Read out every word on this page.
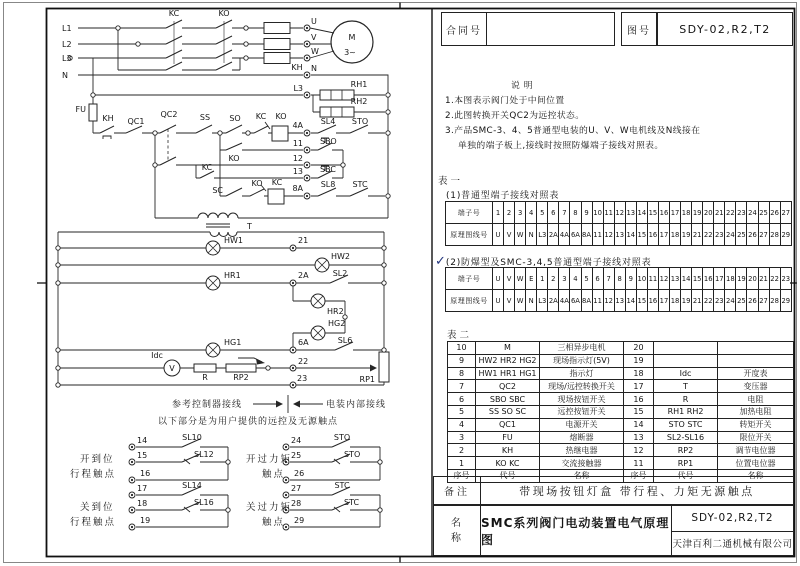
L1
L2
L3
N
KC	KO
KH
U
V
W
N
M
3~
L3	RH1
RH2
FU
KH QC1
QC2	SS SO KC KO
4A SL4 STO
KO
11 SBO
12
KC	13 SBC
SC
KO KC
8A SL8 STC
T
HW1	21
HW2
HR1	2A	SL2
HR2
HG2
HG1	6A	SL6
Idc
V
R	RP2
22
RP1
23
参考控制器接线	电装内部接线
以下部分是为用户提供的远控及无源触点
开到位
行程触点
14	SL10
15	SL12
16
关到位
行程触点
17	SL14
18	SL16
19
开过力矩
触点
24	STO
25	STO
26
关过力矩
触点
27	STC
28	STC
29
合同号	图号	SDY-02,R2,T2
说明
1.本图表示阀门处于中间位置
2.此图转换开关QC2为远控状态。
3.产品SMC-3、4、5普通型电装的U、V、W电机线及N线接在
单独的端子板上,接线时按照防爆端子接线对照表。
表一
(1)普通型端子接线对照表
端子号	1	2	3	4	5	6	7	8	9	10	11	12	13	14	15	16	17	18	19	20	21	22	23	24	25	26	27
原理图线号	U	V	W	N	L3	2A	4A	6A	8A	11	12	13	14	15	16	17	18	19	21	22	23	24	25	26	27	28	29
✓(2)防爆型及SMC-3,4,5普通型端子接线对照表
端子号	U	V	W	E	1	2	3	4	5	6	7	8	9	10	11	12	13	14	15	16	17	18	19	20	21	22	23
原理图线号	U	V	W	N	L3	2A	4A	6A	8A	11	12	13	14	15	16	17	18	19	21	22	23	24	25	26	27	28	29
表二
10	M	三相异步电机	20		
9	HW2 HR2 HG2	现场指示灯(5V)	19		
8	HW1 HR1 HG1	指示灯	18	Idc	开度表
7	QC2	现场/远控转换开关	17	T	变压器
6	SBO SBC	现场按钮开关	16	R	电阻
5	SS SO SC	远控按钮开关	15	RH1 RH2	加热电阻
4	QC1	电源开关	14	STO STC	转矩开关
3	FU	熔断器	13	SL2-SL16	限位开关
2	KH	热继电器	12	RP2	调节电位器
1	KO KC	交流接触器	11	RP1	位置电位器
序号	代号	名称	序号	代号	名称
备注	带现场按钮灯盒 带行程、力矩无源触点
名称
SMC系列阀门电动装置电气原理图
SDY-02,R2,T2
天津百利二通机械有限公司
